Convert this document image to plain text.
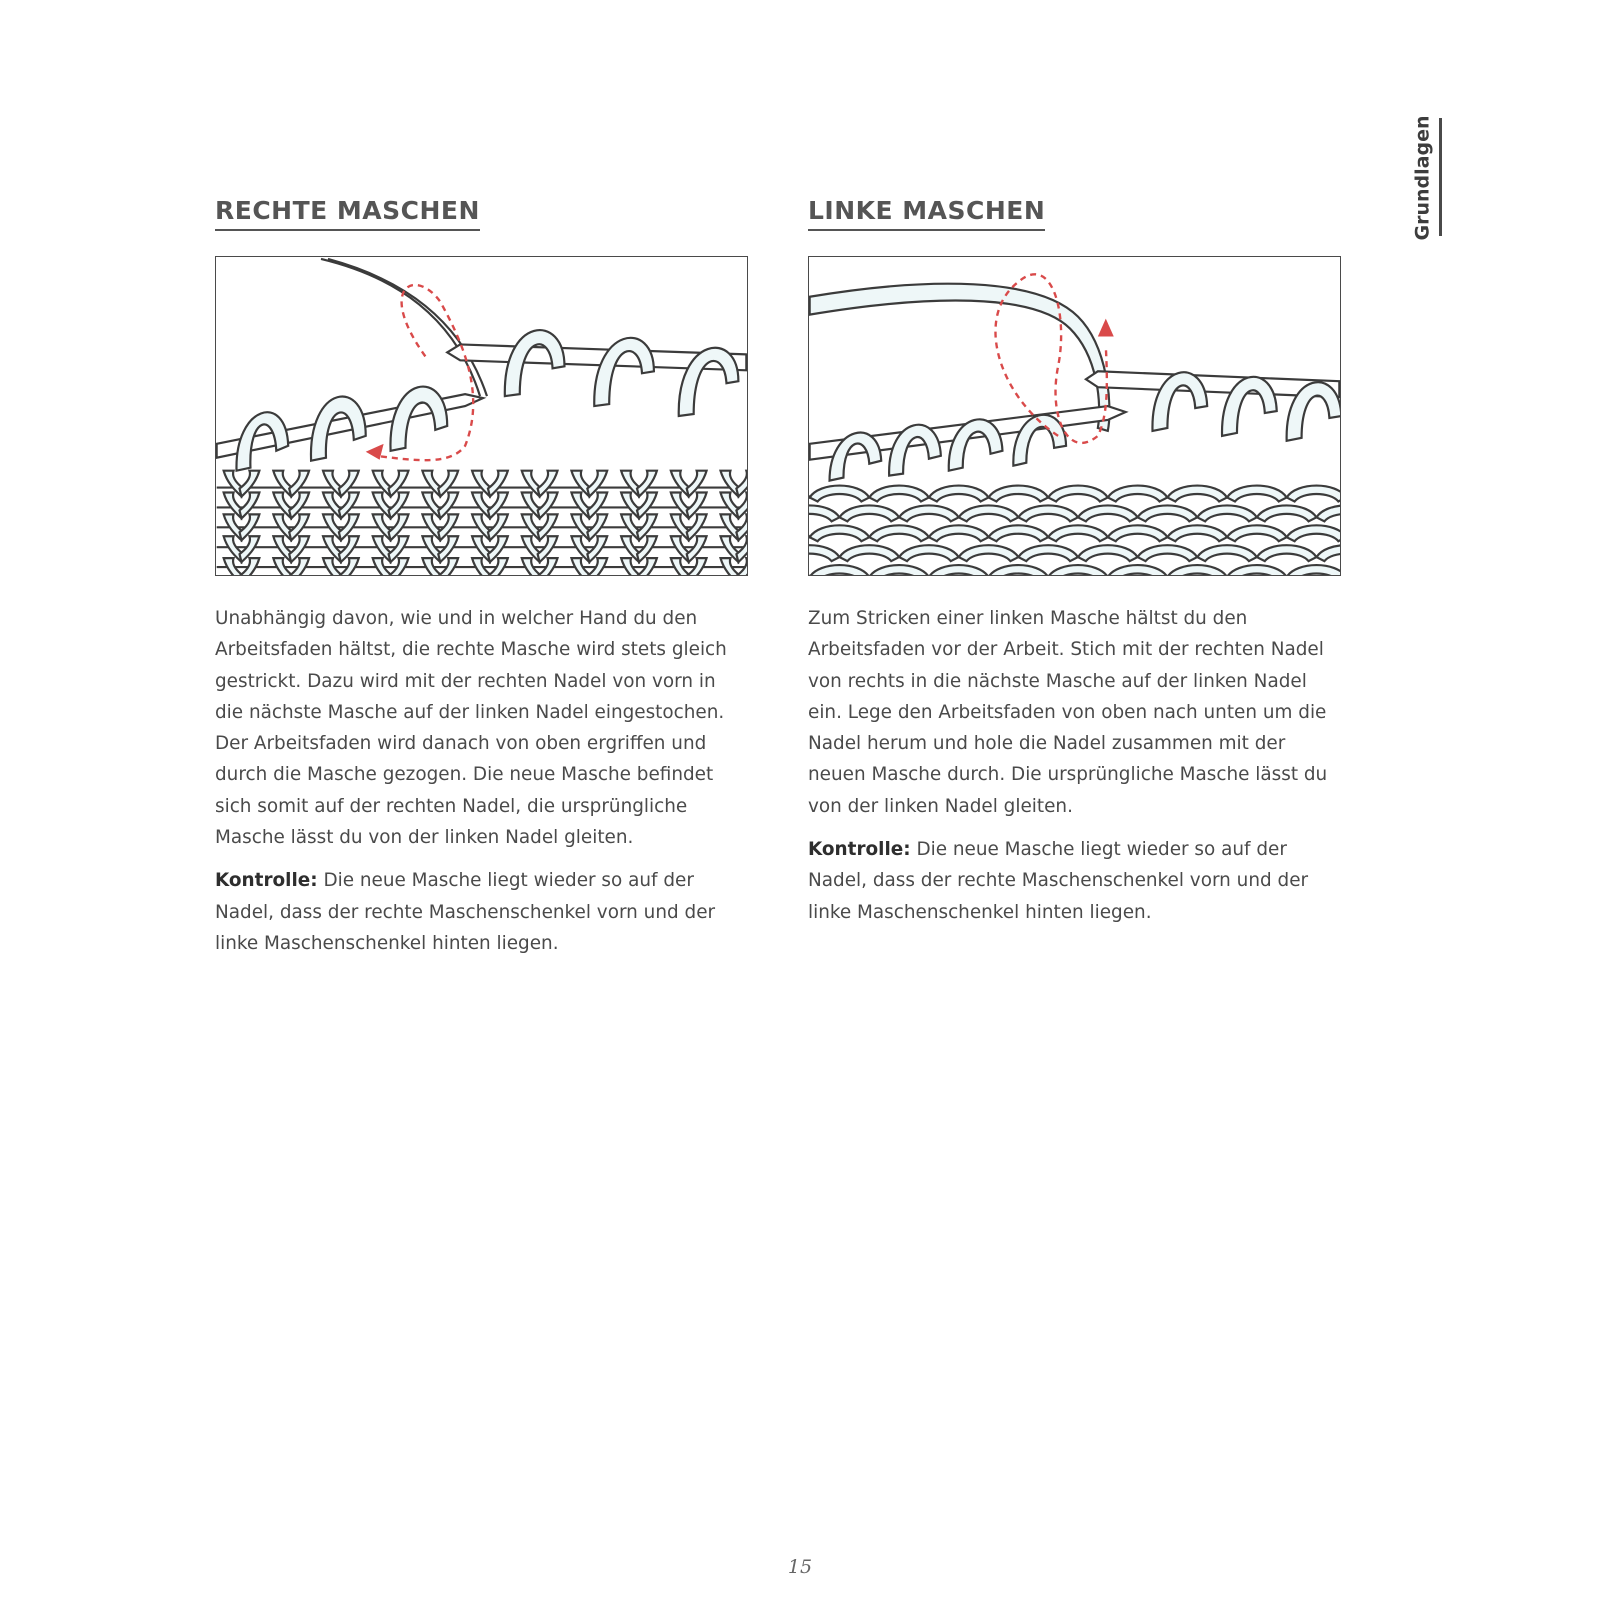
Grundlagen
RECHTE MASCHEN

Unabhängig davon, wie und in welcher Hand du den Arbeitsfaden hältst, die rechte Masche wird stets gleich gestrickt. Dazu wird mit der rechten Nadel von vorn in die nächste Masche auf der linken Nadel eingestochen. Der Arbeitsfaden wird danach von oben ergriffen und durch die Masche gezogen. Die neue Masche befindet sich somit auf der rechten Nadel, die ursprüngliche Masche lässt du von der linken Nadel gleiten.

Kontrolle: Die neue Masche liegt wieder so auf der Nadel, dass der rechte Maschenschenkel vorn und der linke Maschenschenkel hinten liegen.

LINKE MASCHEN

Zum Stricken einer linken Masche hältst du den Arbeitsfaden vor der Arbeit. Stich mit der rechten Nadel von rechts in die nächste Masche auf der linken Nadel ein. Lege den Arbeitsfaden von oben nach unten um die Nadel herum und hole die Nadel zusammen mit der neuen Masche durch. Die ursprüngliche Masche lässt du von der linken Nadel gleiten.

Kontrolle: Die neue Masche liegt wieder so auf der Nadel, dass der rechte Maschenschenkel vorn und der linke Maschenschenkel hinten liegen.

15
